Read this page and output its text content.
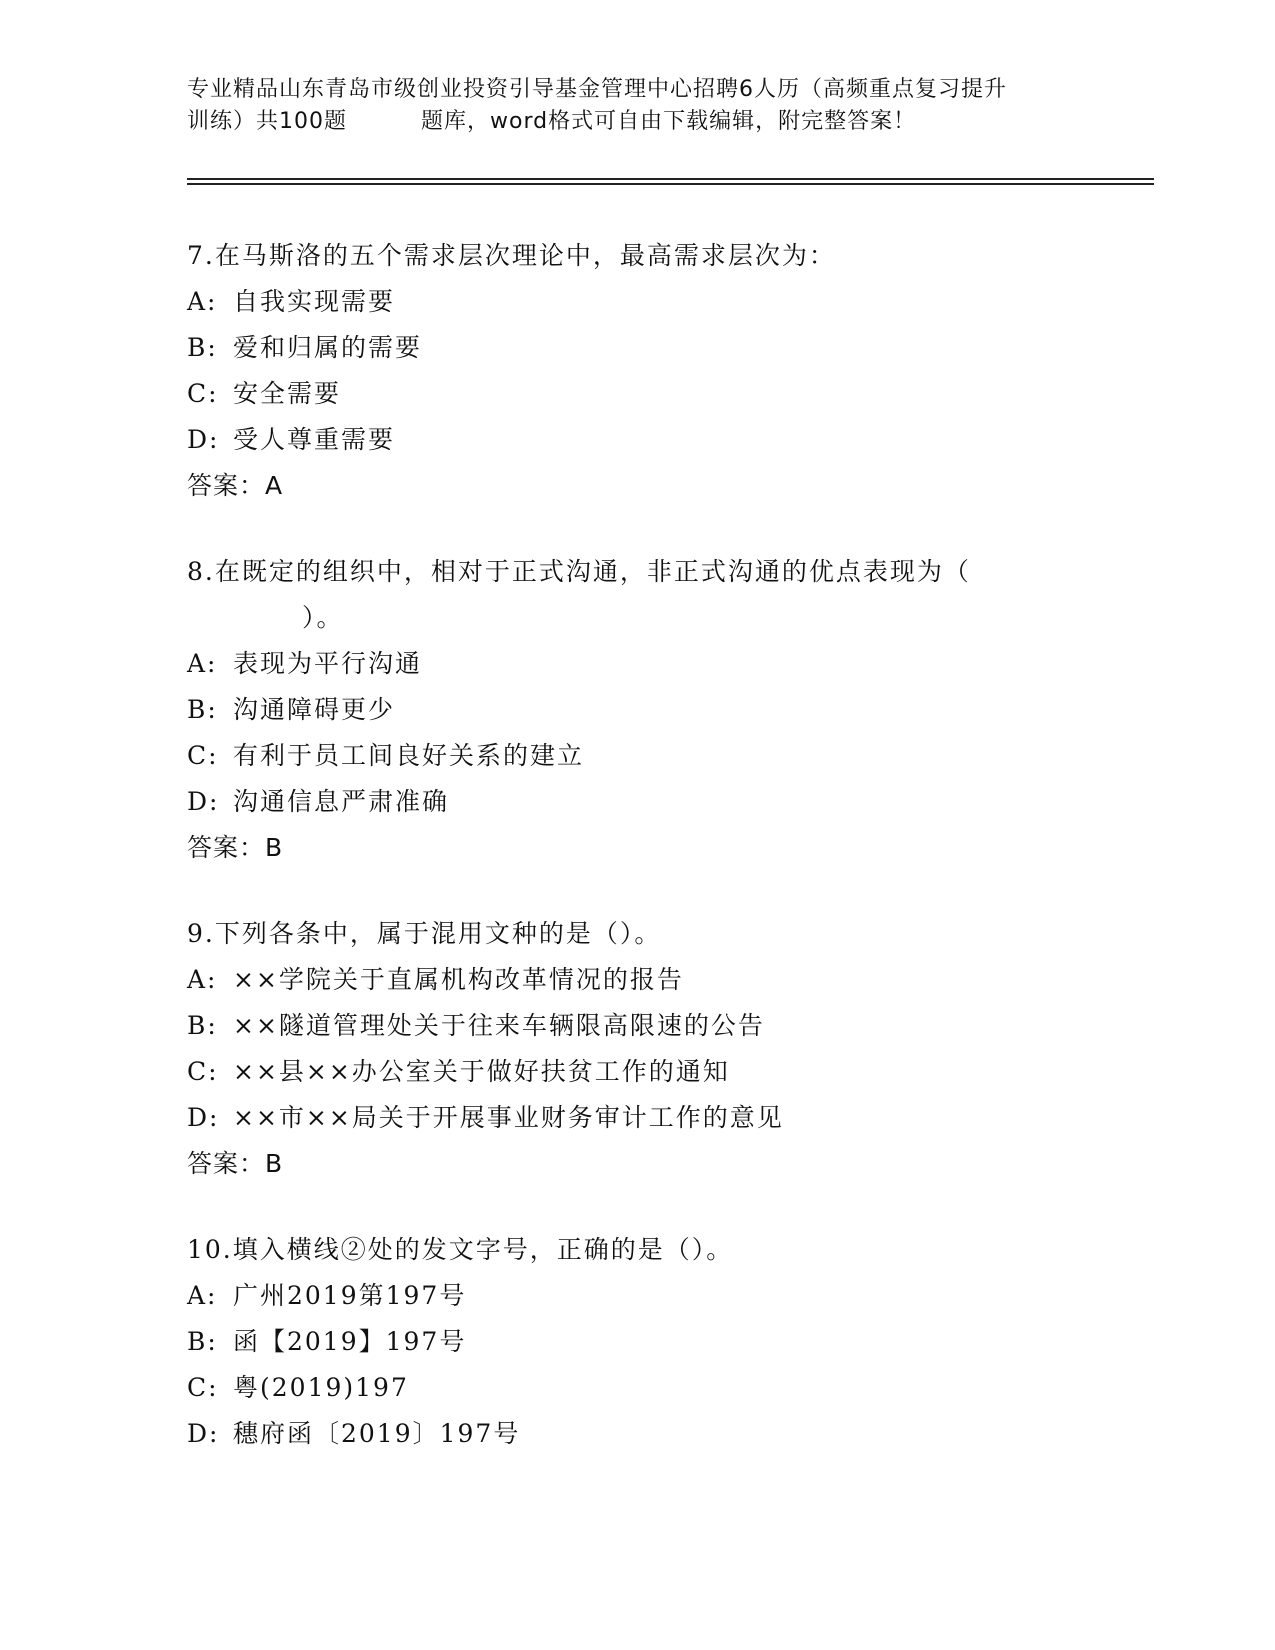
专业精品山东青岛市级创业投资引导基金管理中心招聘6人历（高频重点复习提升
训练）共100题	题库，word格式可自由下载编辑，附完整答案！
7.在马斯洛的五个需求层次理论中，最高需求层次为：
A: 自我实现需要
B: 爱和归属的需要
C: 安全需要
D: 受人尊重需要
答案：A
8.在既定的组织中，相对于正式沟通，非正式沟通的优点表现为（
）。
A: 表现为平行沟通
B: 沟通障碍更少
C: 有利于员工间良好关系的建立
D: 沟通信息严肃准确
答案：B
9.下列各条中，属于混用文种的是（）。
A: ××学院关于直属机构改革情况的报告
B: ××隧道管理处关于往来车辆限高限速的公告
C: ××县××办公室关于做好扶贫工作的通知
D: ××市××局关于开展事业财务审计工作的意见
答案：B
10.填入横线②处的发文字号，正确的是（）。
A: 广州2019第197号
B: 函【2019】197号
C: 粤(2019)197
D: 穗府函〔2019〕197号
